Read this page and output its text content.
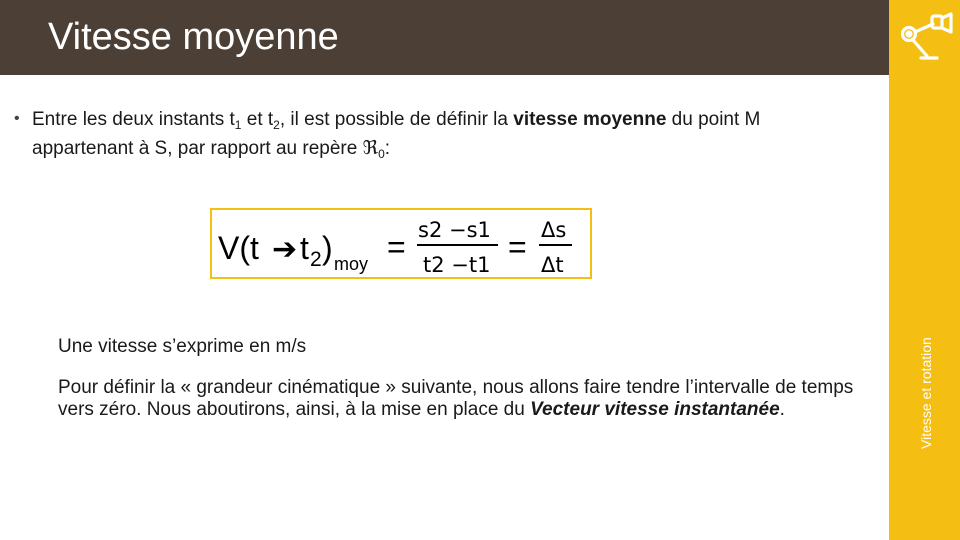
Vitesse moyenne
Vitesse et rotation
• Entre les deux instants $t_1$ et $t_2$, il est possible de définir la vitesse moyenne du point M appartenant à S, par rapport au repère ℜ$_0$:
V(t ➔ t 2 ) moy = s2 −s1
t2 −t1 = Δs
Δt
Une vitesse s’exprime en m/s
Pour définir la « grandeur cinématique » suivante, nous allons faire tendre l’intervalle de temps vers zéro. Nous aboutirons, ainsi, à la mise en place du Vecteur vitesse instantanée.
